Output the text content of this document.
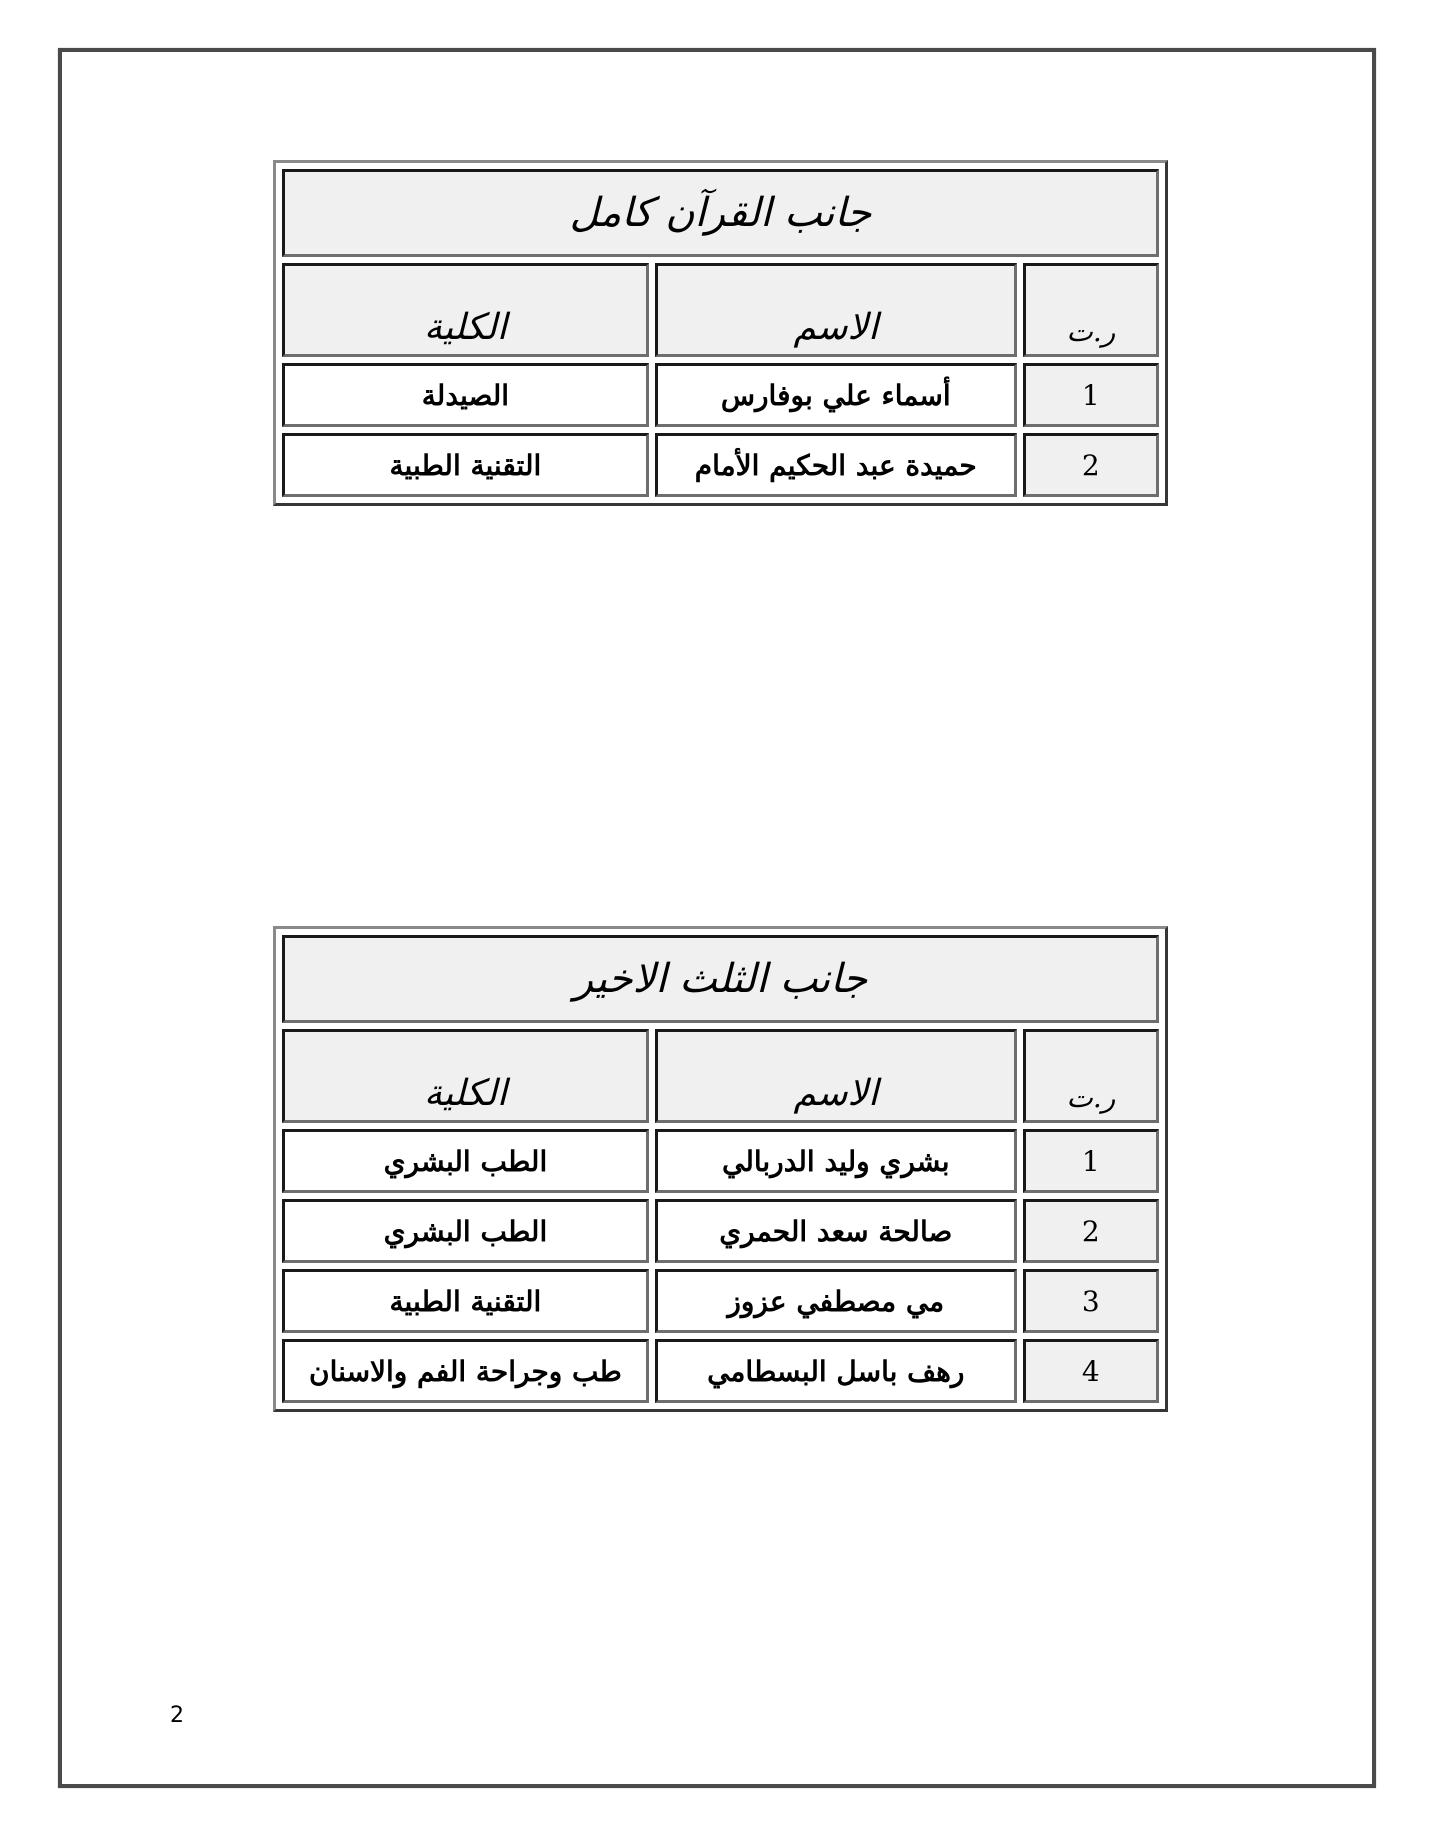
جانب القرآن كامل		
ر.ت	الاسم	الكلية
1	أسماء علي بوفارس	الصيدلة
2	حميدة عبد الحكيم الأمام	التقنية الطبية
جانب الثلث الاخير		
ر.ت	الاسم	الكلية
1	بشري وليد الدربالي	الطب البشري
2	صالحة سعد الحمري	الطب البشري
3	مي مصطفي عزوز	التقنية الطبية
4	رهف باسل البسطامي	طب وجراحة الفم والاسنان
2
